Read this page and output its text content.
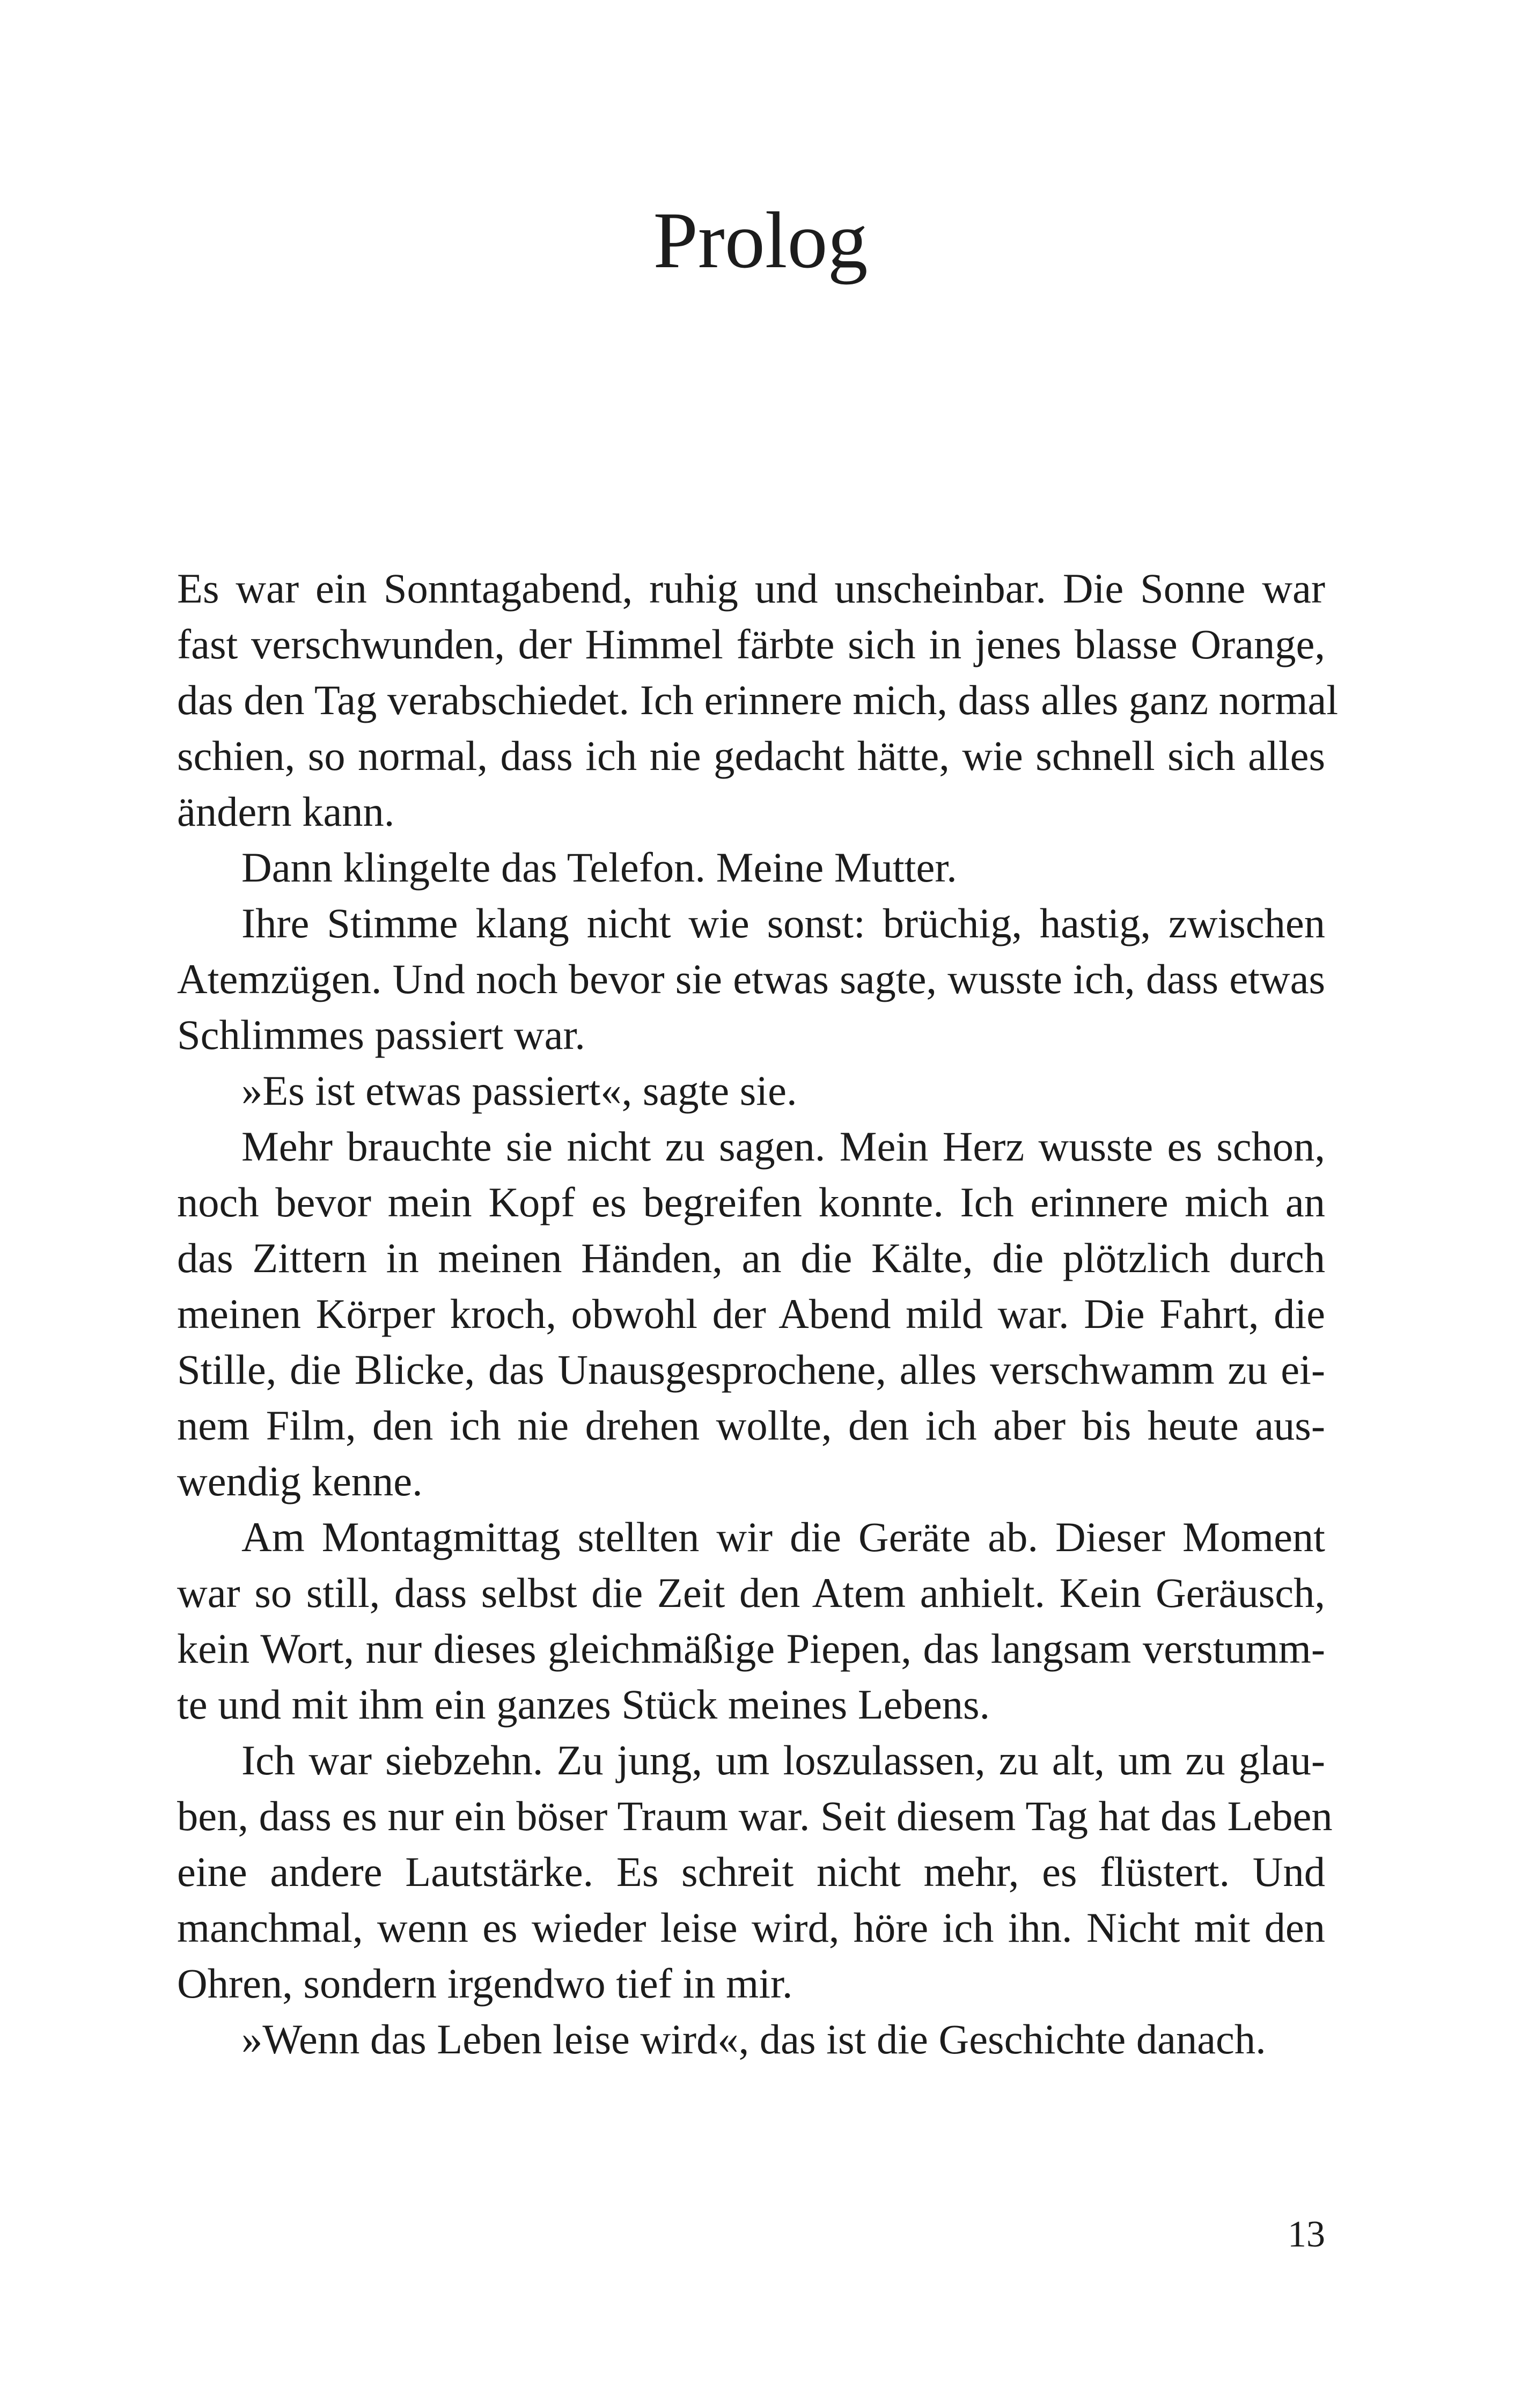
Prolog
Es war ein Sonntagabend, ruhig und unscheinbar. Die Sonne war
fast verschwunden, der Himmel färbte sich in jenes blasse Orange,
das den Tag verabschiedet. Ich erinnere mich, dass alles ganz normal
schien, so normal, dass ich nie gedacht hätte, wie schnell sich alles
ändern kann.
Dann klingelte das Telefon. Meine Mutter.
Ihre Stimme klang nicht wie sonst: brüchig, hastig, zwischen
Atemzügen. Und noch bevor sie etwas sagte, wusste ich, dass etwas
Schlimmes passiert war.
»Es ist etwas passiert«, sagte sie.
Mehr brauchte sie nicht zu sagen. Mein Herz wusste es schon,
noch bevor mein Kopf es begreifen konnte. Ich erinnere mich an
das Zittern in meinen Händen, an die Kälte, die plötzlich durch
meinen Körper kroch, obwohl der Abend mild war. Die Fahrt, die
Stille, die Blicke, das Unausgesprochene, alles verschwamm zu ei-
nem Film, den ich nie drehen wollte, den ich aber bis heute aus-
wendig kenne.
Am Montagmittag stellten wir die Geräte ab. Dieser Moment
war so still, dass selbst die Zeit den Atem anhielt. Kein Geräusch,
kein Wort, nur dieses gleichmäßige Piepen, das langsam verstumm-
te und mit ihm ein ganzes Stück meines Lebens.
Ich war siebzehn. Zu jung, um loszulassen, zu alt, um zu glau-
ben, dass es nur ein böser Traum war. Seit diesem Tag hat das Leben
eine andere Lautstärke. Es schreit nicht mehr, es flüstert. Und
manchmal, wenn es wieder leise wird, höre ich ihn. Nicht mit den
Ohren, sondern irgendwo tief in mir.
»Wenn das Leben leise wird«, das ist die Geschichte danach.
13
